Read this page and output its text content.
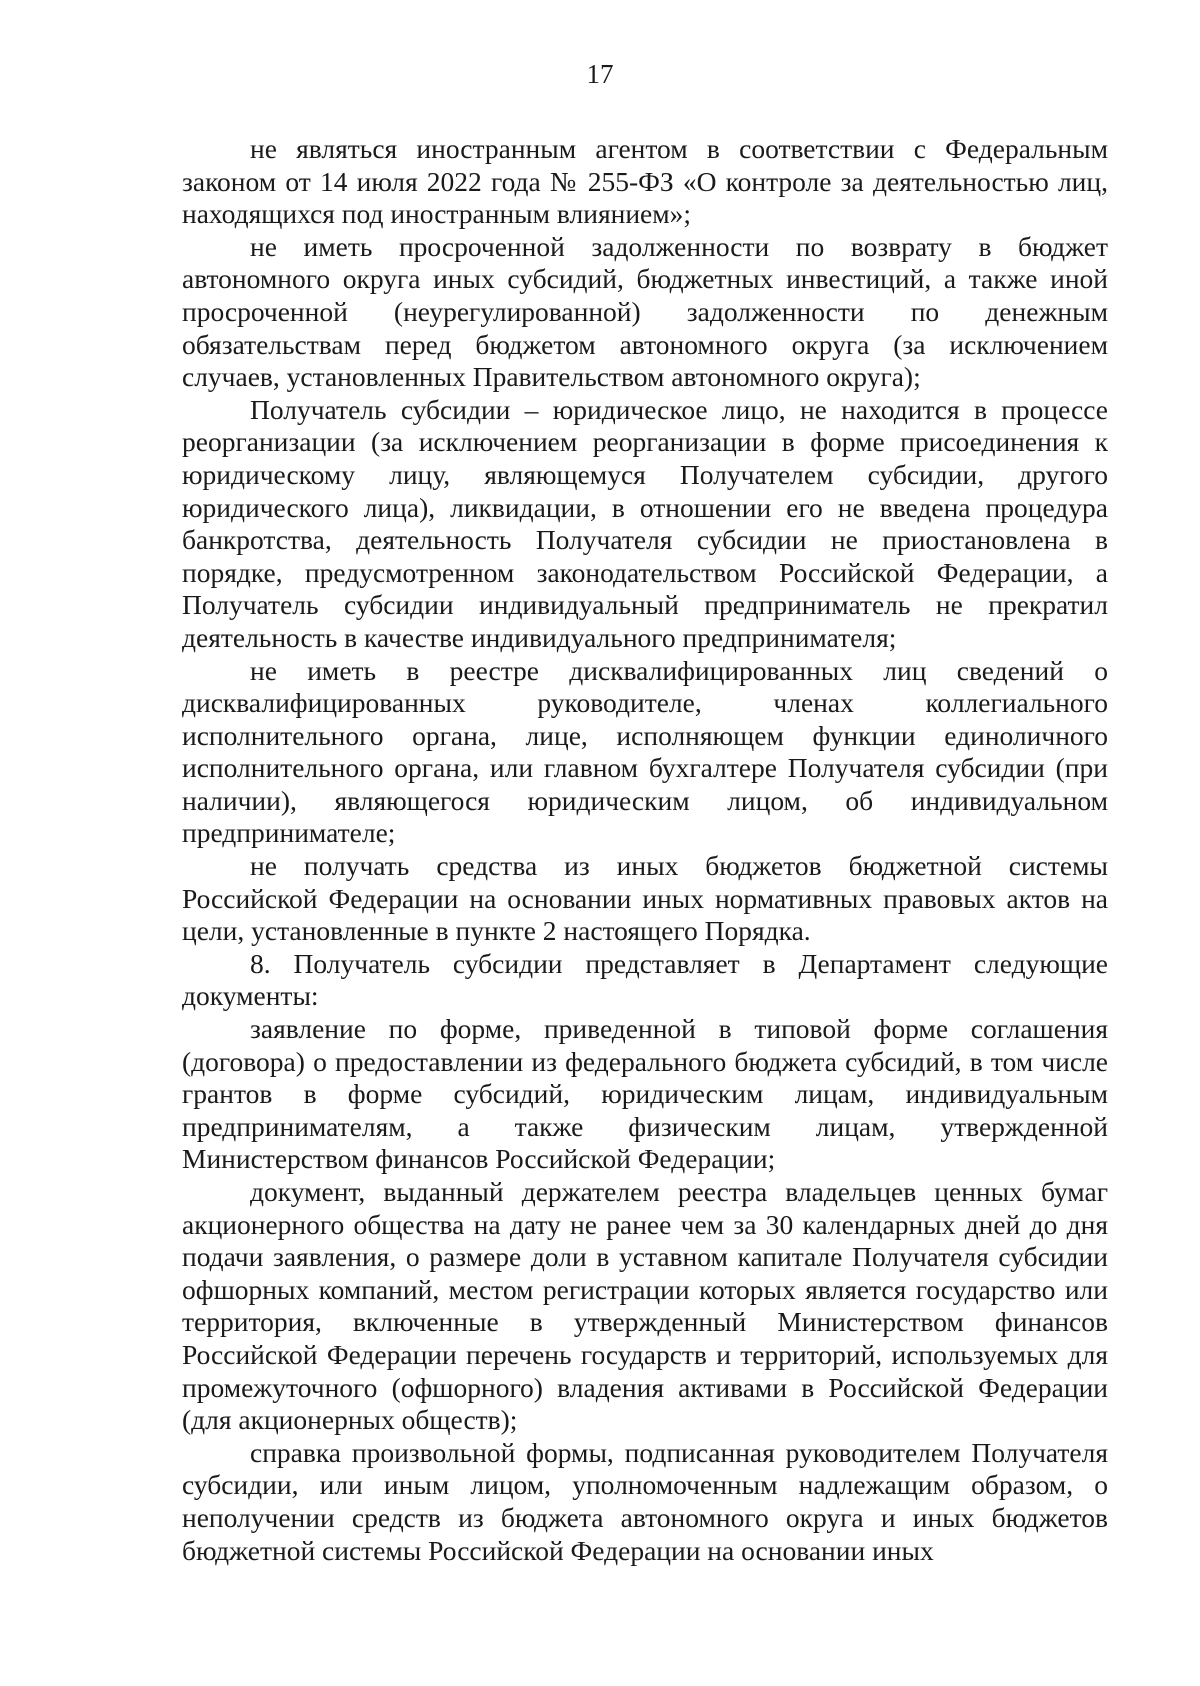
17

не являться иностранным агентом в соответствии с Федеральным законом от 14 июля 2022 года № 255-ФЗ «О контроле за деятельностью лиц, находящихся под иностранным влиянием»;

не иметь просроченной задолженности по возврату в бюджет автономного округа иных субсидий, бюджетных инвестиций, а также иной просроченной (неурегулированной) задолженности по денежным обязательствам перед бюджетом автономного округа (за исключением случаев, установленных Правительством автономного округа);

Получатель субсидии – юридическое лицо, не находится в процессе реорганизации (за исключением реорганизации в форме присоединения к юридическому лицу, являющемуся Получателем субсидии, другого юридического лица), ликвидации, в отношении его не введена процедура банкротства, деятельность Получателя субсидии не приостановлена в порядке, предусмотренном законодательством Российской Федерации, а Получатель субсидии индивидуальный предприниматель не прекратил деятельность в качестве индивидуального предпринимателя;

не иметь в реестре дисквалифицированных лиц сведений о дисквалифицированных руководителе, членах коллегиального исполнительного органа, лице, исполняющем функции единоличного исполнительного органа, или главном бухгалтере Получателя субсидии (при наличии), являющегося юридическим лицом, об индивидуальном предпринимателе;

не получать средства из иных бюджетов бюджетной системы Российской Федерации на основании иных нормативных правовых актов на цели, установленные в пункте 2 настоящего Порядка.

8. Получатель субсидии представляет в Департамент следующие документы:

заявление по форме, приведенной в типовой форме соглашения (договора) о предоставлении из федерального бюджета субсидий, в том числе грантов в форме субсидий, юридическим лицам, индивидуальным предпринимателям, а также физическим лицам, утвержденной Министерством финансов Российской Федерации;

документ, выданный держателем реестра владельцев ценных бумаг акционерного общества на дату не ранее чем за 30 календарных дней до дня подачи заявления, о размере доли в уставном капитале Получателя субсидии офшорных компаний, местом регистрации которых является государство или территория, включенные в утвержденный Министерством финансов Российской Федерации перечень государств и территорий, используемых для промежуточного (офшорного) владения активами в Российской Федерации (для акционерных обществ);

справка произвольной формы, подписанная руководителем Получателя субсидии, или иным лицом, уполномоченным надлежащим образом, о неполучении средств из бюджета автономного округа и иных бюджетов бюджетной системы Российской Федерации на основании иных
